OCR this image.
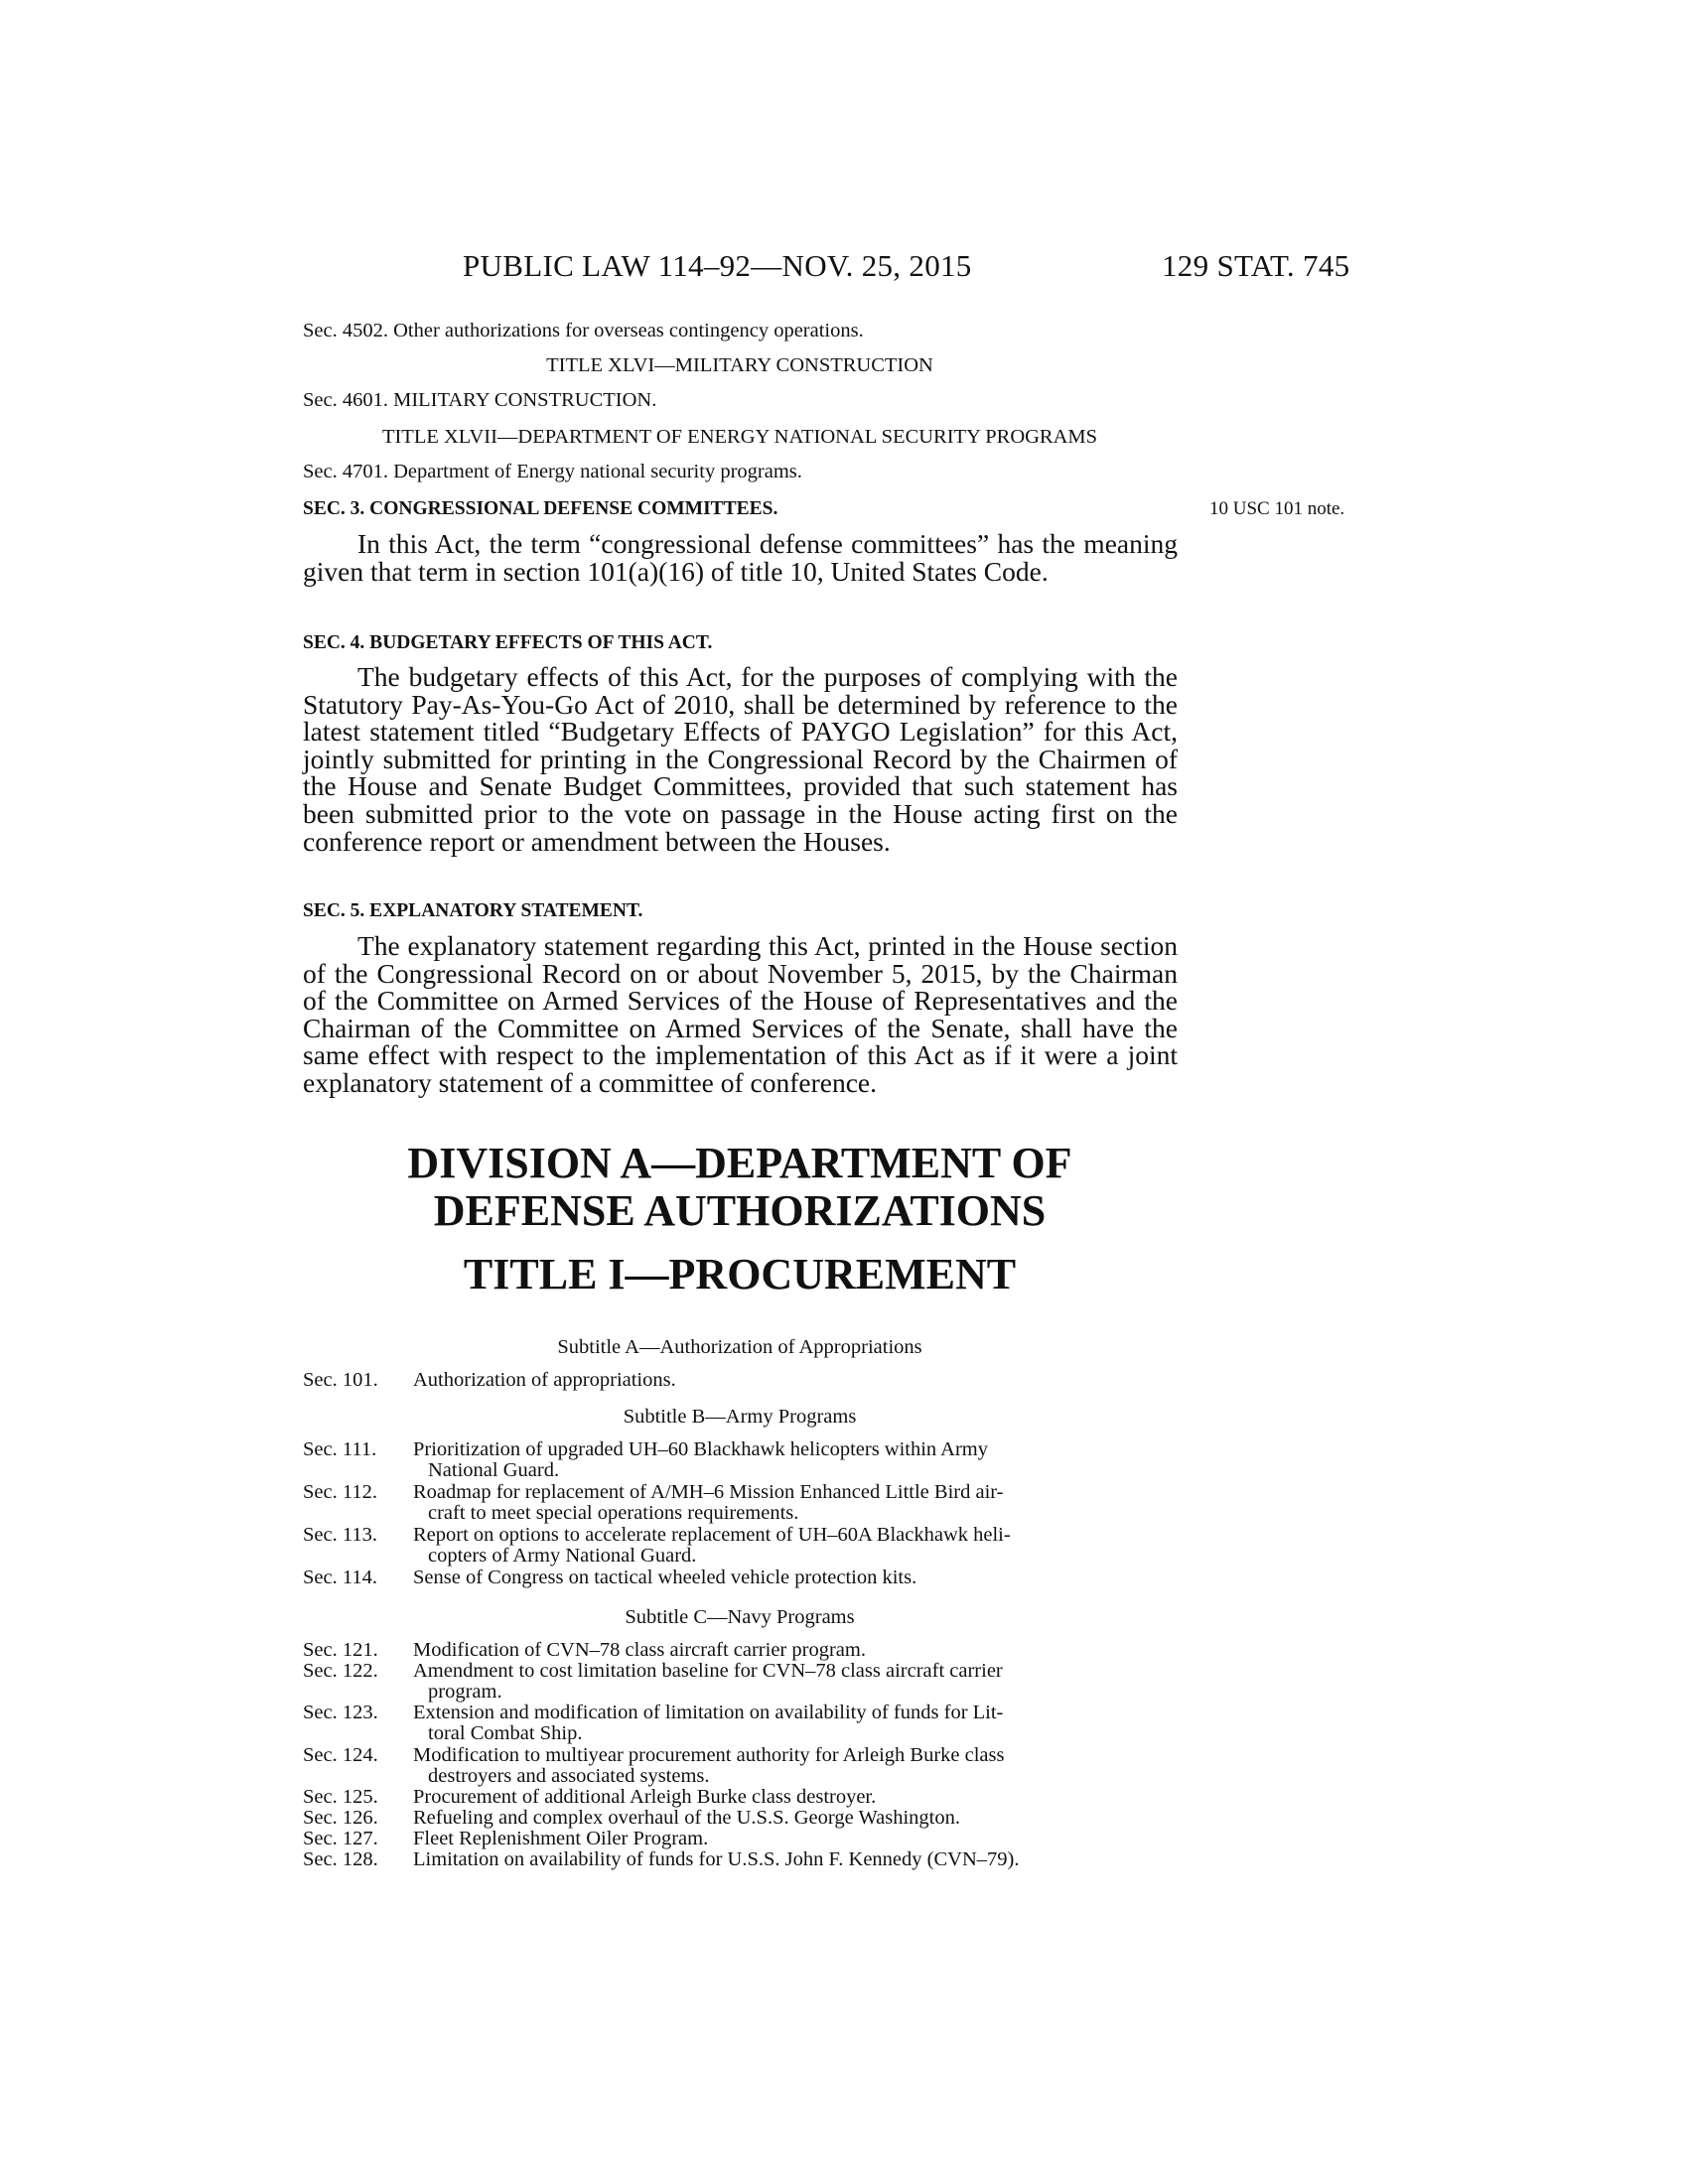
PUBLIC LAW 114–92—NOV. 25, 2015	129 STAT. 745
Sec. 4502. Other authorizations for overseas contingency operations.
TITLE XLVI—MILITARY CONSTRUCTION
Sec. 4601. MILITARY CONSTRUCTION.
TITLE XLVII—DEPARTMENT OF ENERGY NATIONAL SECURITY PROGRAMS
Sec. 4701. Department of Energy national security programs.
SEC. 3. CONGRESSIONAL DEFENSE COMMITTEES.	10 USC 101 note.

In this Act, the term “congressional defense committees” has the meaning given that term in section 101(a)(16) of title 10, United States Code.

SEC. 4. BUDGETARY EFFECTS OF THIS ACT.

The budgetary effects of this Act, for the purposes of complying with the Statutory Pay-As-You-Go Act of 2010, shall be determined by reference to the latest statement titled “Budgetary Effects of PAYGO Legislation” for this Act, jointly submitted for printing in the Congressional Record by the Chairmen of the House and Senate Budget Committees, provided that such statement has been submitted prior to the vote on passage in the House acting first on the conference report or amendment between the Houses.

SEC. 5. EXPLANATORY STATEMENT.

The explanatory statement regarding this Act, printed in the House section of the Congressional Record on or about November 5, 2015, by the Chairman of the Committee on Armed Services of the House of Representatives and the Chairman of the Committee on Armed Services of the Senate, shall have the same effect with respect to the implementation of this Act as if it were a joint explanatory statement of a committee of conference.

DIVISION A—DEPARTMENT OF
DEFENSE AUTHORIZATIONS
TITLE I—PROCUREMENT
Subtitle A—Authorization of Appropriations
Sec. 101. Authorization of appropriations.
Subtitle B—Army Programs
Sec. 111. Prioritization of upgraded UH–60 Blackhawk helicopters within Army
National Guard.
Sec. 112. Roadmap for replacement of A/MH–6 Mission Enhanced Little Bird air-
craft to meet special operations requirements.
Sec. 113. Report on options to accelerate replacement of UH–60A Blackhawk heli-
copters of Army National Guard.
Sec. 114. Sense of Congress on tactical wheeled vehicle protection kits.
Subtitle C—Navy Programs
Sec. 121. Modification of CVN–78 class aircraft carrier program.
Sec. 122. Amendment to cost limitation baseline for CVN–78 class aircraft carrier
program.
Sec. 123. Extension and modification of limitation on availability of funds for Lit-
toral Combat Ship.
Sec. 124. Modification to multiyear procurement authority for Arleigh Burke class
destroyers and associated systems.
Sec. 125. Procurement of additional Arleigh Burke class destroyer.
Sec. 126. Refueling and complex overhaul of the U.S.S. George Washington.
Sec. 127. Fleet Replenishment Oiler Program.
Sec. 128. Limitation on availability of funds for U.S.S. John F. Kennedy (CVN–79).
